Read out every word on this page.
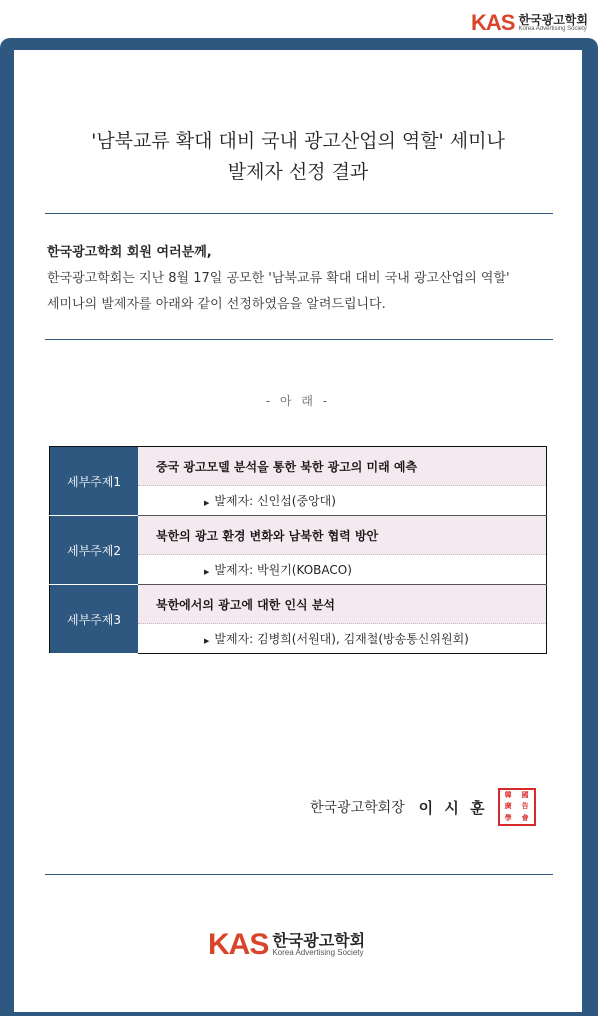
KAS 한국광고학회
Korea Advertising Society
'남북교류 확대 대비 국내 광고산업의 역할' 세미나
발제자 선정 결과
한국광고학회 회원 여러분께,
한국광고학회는 지난 8월 17일 공모한 '남북교류 확대 대비 국내 광고산업의 역할'
세미나의 발제자를 아래와 같이 선정하였음을 알려드립니다.
- 아 래 -
세부주제1	중국 광고모델 분석을 통한 북한 광고의 미래 예측
	▶ 발제자: 신인섭(중앙대)
세부주제2	북한의 광고 환경 변화와 남북한 협력 방안
	▶ 발제자: 박원기(KOBACO)
세부주제3	북한에서의 광고에 대한 인식 분석
	▶ 발제자: 김병희(서원대), 김재철(방송통신위원회)
한국광고학회장 이 시 훈
韓 國
廣 告
學 會
KAS 한국광고학회
Korea Advertising Society
